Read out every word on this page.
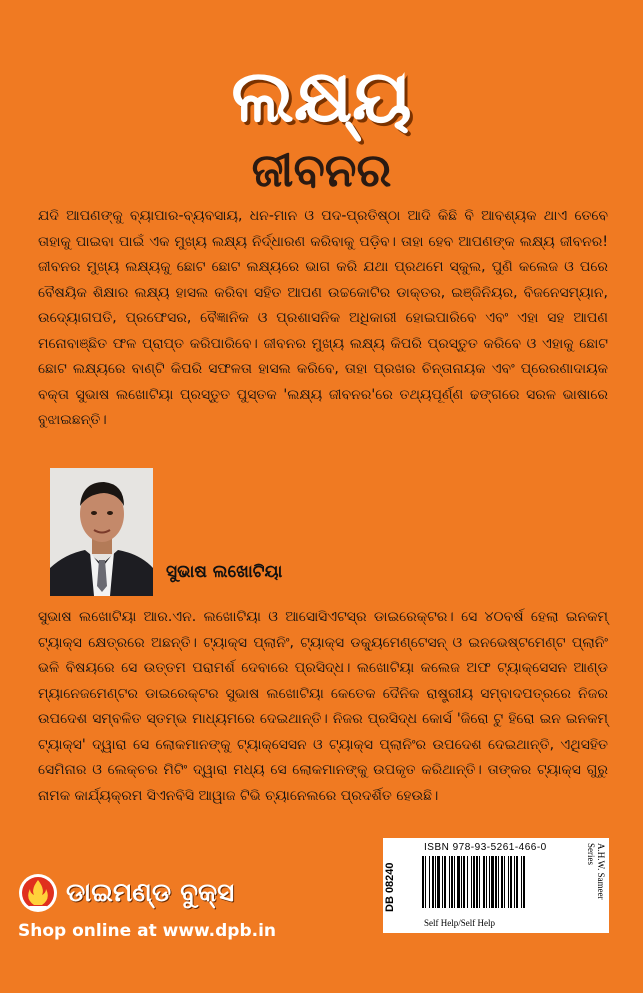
ଲକ୍ଷ୍ୟ
ଜୀବନର
ଯଦି ଆପଣଙ୍କୁ ବ୍ୟାପାର-ବ୍ୟବସାୟ, ଧନ-ମାନ ଓ ପଦ-ପ୍ରତିଷ୍ଠା ଆଦି କିଛି ବି ଆବଶ୍ୟକ ଥାଏ ତେବେ ତାହାକୁ ପାଇବା ପାଇଁ ଏକ ମୁଖ୍ୟ ଲକ୍ଷ୍ୟ ନିର୍ଦ୍ଧାରଣ କରିବାକୁ ପଡ଼ିବ। ତାହା ହେବ ଆପଣଙ୍କ ଲକ୍ଷ୍ୟ ଜୀବନର! ଜୀବନର ମୁଖ୍ୟ ଲକ୍ଷ୍ୟକୁ ଛୋଟ ଛୋଟ ଲକ୍ଷ୍ୟରେ ଭାଗ କରି ଯଥା ପ୍ରଥମେ ସ୍କୁଲ, ପୁଣି କଲେଜ ଓ ପରେ ବୈଷୟିକ ଶିକ୍ଷାର ଲକ୍ଷ୍ୟ ହାସଲ କରିବା ସହିତ ଆପଣ ଉଚ୍ଚକୋଟିର ଡାକ୍ତର, ଇଞ୍ଜିନିୟର, ବିଜନେସମ୍ୟାନ, ଉଦ୍ୟୋଗପତି, ପ୍ରଫେସର, ବୈଜ୍ଞାନିକ ଓ ପ୍ରଶାସନିକ ଅଧିକାରୀ ହୋଇପାରିବେ ଏବଂ ଏହା ସହ ଆପଣ ମନୋବାଞ୍ଛିତ ଫଳ ପ୍ରାପ୍ତ କରିପାରିବେ। ଜୀବନର ମୁଖ୍ୟ ଲକ୍ଷ୍ୟ କିପରି ପ୍ରସ୍ତୁତ କରିବେ ଓ ଏହାକୁ ଛୋଟ ଛୋଟ ଲକ୍ଷ୍ୟରେ ବାଣ୍ଟି କିପରି ସଫଳତା ହାସଲ କରିବେ, ତାହା ପ୍ରଖର ଚିନ୍ତାନାୟକ ଏବଂ ପ୍ରେରଣାଦାୟକ ବକ୍ତା ସୁଭାଷ ଲଖୋଟିୟା ପ୍ରସ୍ତୁତ ପୁସ୍ତକ 'ଲକ୍ଷ୍ୟ ଜୀବନର'ରେ ତଥ୍ୟପୂର୍ଣ୍ଣ ଢଙ୍ଗରେ ସରଳ ଭାଷାରେ ବୁଝାଇଛନ୍ତି।
ସୁଭାଷ ଲଖୋଟିୟା
ସୁଭାଷ ଲଖୋଟିୟା ଆର.ଏନ. ଲଖୋଟିୟା ଓ ଆସୋସିଏଟସ୍‌ର ଡାଇରେକ୍ଟର। ସେ ୪୦ବର୍ଷ ହେଲା ଇନକମ୍ ଟ୍ୟାକ୍ସ କ୍ଷେତ୍ରରେ ଅଛନ୍ତି। ଟ୍ୟାକ୍ସ ପ୍ଲାନିଂ, ଟ୍ୟାକ୍ସ ଡକ୍ୟୁମେଣ୍ଟେସନ୍ ଓ ଇନଭେଷ୍ଟମେଣ୍ଟ ପ୍ଲାନିଂ ଭଳି ବିଷୟରେ ସେ ଉତ୍ତମ ପରାମର୍ଶ ଦେବାରେ ପ୍ରସିଦ୍ଧ। ଲଖୋଟିୟା କଲେଜ ଅଫ ଟ୍ୟାକ୍ସେସନ ଆଣ୍ଡ ମ୍ୟାନେଜମେଣ୍ଟର ଡାଇରେକ୍ଟର ସୁଭାଷ ଲଖୋଟିୟା କେତେକ ଦୈନିକ ରାଷ୍ଟ୍ରୀୟ ସମ୍ବାଦପତ୍ରରେ ନିଜର ଉପଦେଶ ସମ୍ବଳିତ ସ୍ତମ୍ଭ ମାଧ୍ୟମରେ ଦେଇଥାନ୍ତି। ନିଜର ପ୍ରସିଦ୍ଧ କୋର୍ସ 'ଜିରୋ ଟୁ ହିରୋ ଇନ ଇନକମ୍ ଟ୍ୟାକ୍ସ' ଦ୍ୱାରା ସେ ଲୋକମାନଙ୍କୁ ଟ୍ୟାକ୍ସେସନ ଓ ଟ୍ୟାକ୍ସ ପ୍ଲାନିଂର ଉପଦେଶ ଦେଇଥାନ୍ତି, ଏଥିସହିତ ସେମିନାର ଓ ଲେକ୍ଚର ମିଟିଂ ଦ୍ୱାରା ମଧ୍ୟ ସେ ଲୋକମାନଙ୍କୁ ଉପକୃତ କରିଥାନ୍ତି। ତାଙ୍କର ଟ୍ୟାକ୍ସ ଗୁରୁ ନାମକ କାର୍ଯ୍ୟକ୍ରମ ସିଏନବିସି ଆୱାଜ ଟିଭି ଚ୍ୟାନେଲରେ ପ୍ରଦର୍ଶିତ ହେଉଛି।
ଡାଇମଣ୍ଡ ବୁକ୍ସ
Shop online at www.dpb.in
DB 08240
ISBN 978-93-5261-466-0
Self Help/Self Help
A.H.W. Sameer Series
